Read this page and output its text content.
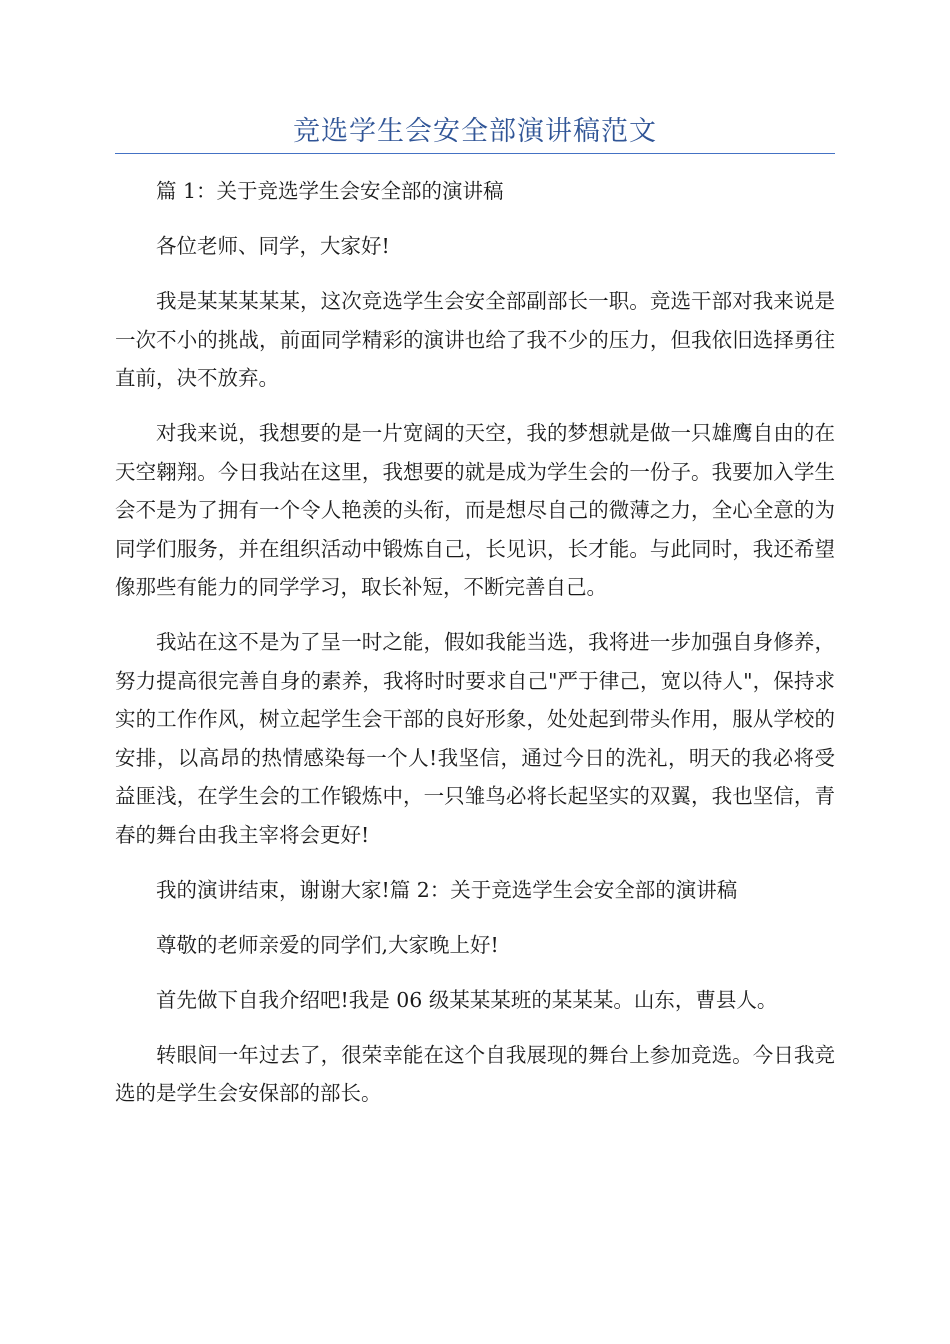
竞选学生会安全部演讲稿范文

篇 1：关于竞选学生会安全部的演讲稿

各位老师、同学，大家好!

我是某某某某某，这次竞选学生会安全部副部长一职。竞选干部对我来说是一次不小的挑战，前面同学精彩的演讲也给了我不少的压力，但我依旧选择勇往直前，决不放弃。

对我来说，我想要的是一片宽阔的天空，我的梦想就是做一只雄鹰自由的在天空翱翔。今日我站在这里，我想要的就是成为学生会的一份子。我要加入学生会不是为了拥有一个令人艳羡的头衔，而是想尽自己的微薄之力，全心全意的为同学们服务，并在组织活动中锻炼自己，长见识，长才能。与此同时，我还希望像那些有能力的同学学习，取长补短，不断完善自己。

我站在这不是为了呈一时之能，假如我能当选，我将进一步加强自身修养，努力提高很完善自身的素养，我将时时要求自己"严于律己，宽以待人"，保持求实的工作作风，树立起学生会干部的良好形象，处处起到带头作用，服从学校的安排，以高昂的热情感染每一个人!我坚信，通过今日的洗礼，明天的我必将受益匪浅，在学生会的工作锻炼中，一只雏鸟必将长起坚实的双翼，我也坚信，青春的舞台由我主宰将会更好!

我的演讲结束，谢谢大家!篇 2：关于竞选学生会安全部的演讲稿

尊敬的老师亲爱的同学们,大家晚上好!

首先做下自我介绍吧!我是 06 级某某某班的某某某。山东，曹县人。

转眼间一年过去了，很荣幸能在这个自我展现的舞台上参加竞选。今日我竞选的是学生会安保部的部长。
